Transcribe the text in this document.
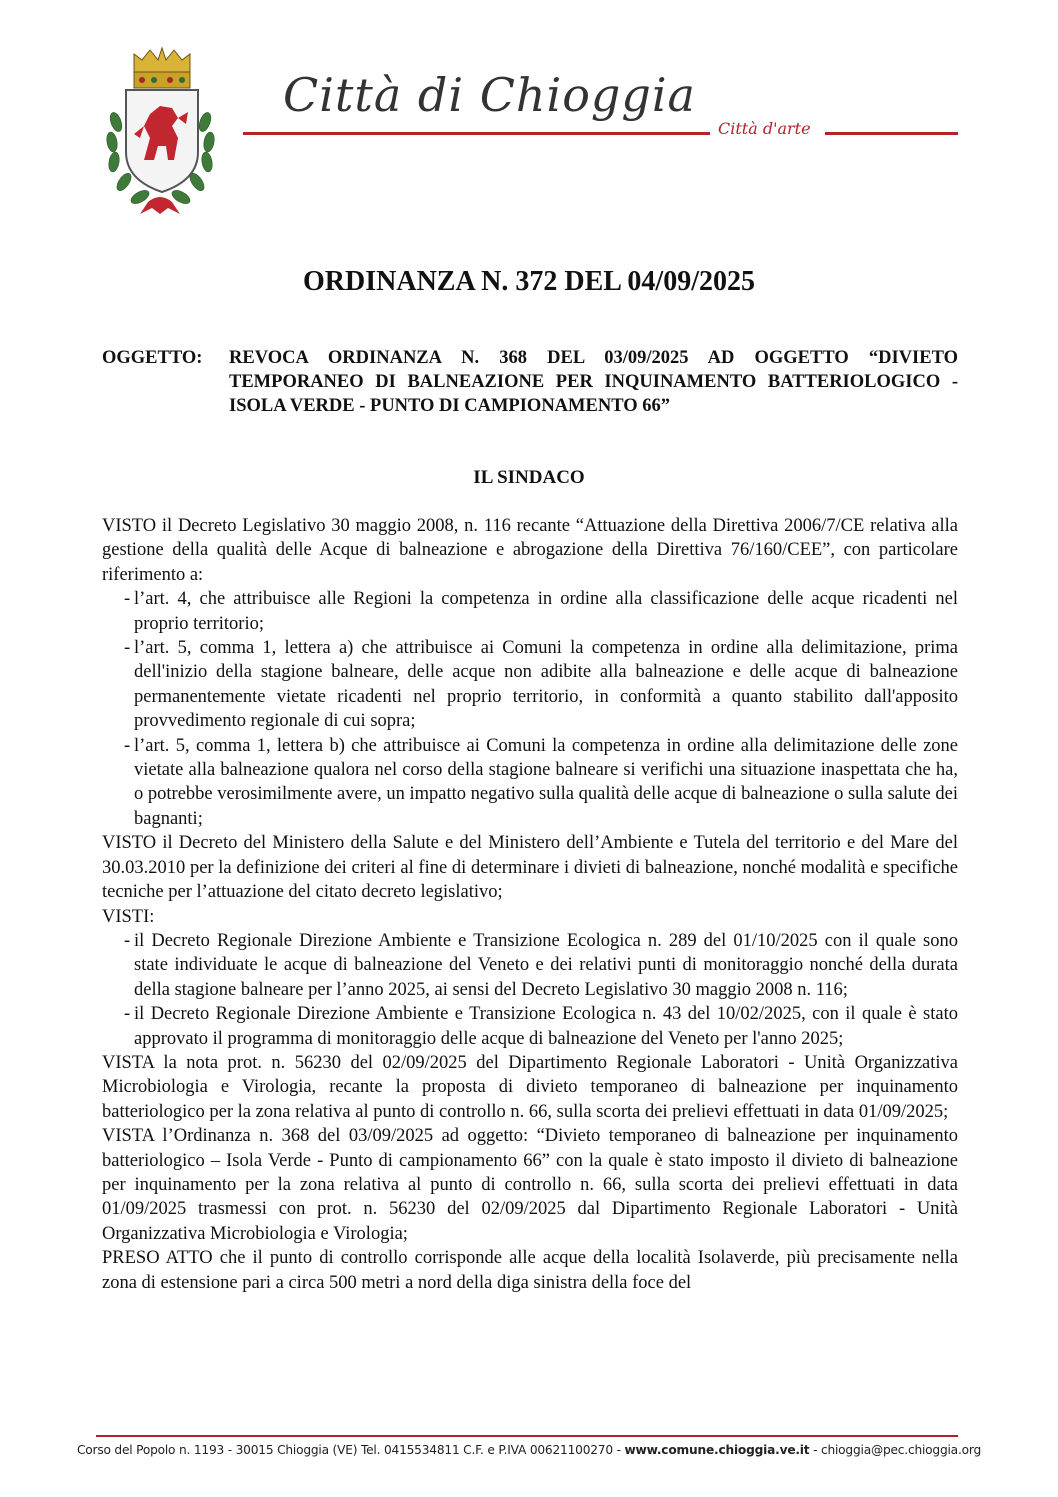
Città di Chioggia
Città d'arte
ORDINANZA N. 372 DEL 04/09/2025
OGGETTO: REVOCA ORDINANZA N. 368 DEL 03/09/2025 AD OGGETTO “DIVIETO TEMPORANEO DI BALNEAZIONE PER INQUINAMENTO BATTERIOLOGICO -ISOLA VERDE - PUNTO DI CAMPIONAMENTO 66”
IL SINDACO

VISTO il Decreto Legislativo 30 maggio 2008, n. 116 recante “Attuazione della Direttiva 2006/7/CE relativa alla gestione della qualità delle Acque di balneazione e abrogazione della Direttiva 76/160/CEE”, con particolare riferimento a:

- l’art. 4, che attribuisce alle Regioni la competenza in ordine alla classificazione delle acque ricadenti nel proprio territorio;
- l’art. 5, comma 1, lettera a) che attribuisce ai Comuni la competenza in ordine alla delimitazione, prima dell'inizio della stagione balneare, delle acque non adibite alla balneazione e delle acque di balneazione permanentemente vietate ricadenti nel proprio territorio, in conformità a quanto stabilito dall'apposito provvedimento regionale di cui sopra;
- l’art. 5, comma 1, lettera b) che attribuisce ai Comuni la competenza in ordine alla delimitazione delle zone vietate alla balneazione qualora nel corso della stagione balneare si verifichi una situazione inaspettata che ha, o potrebbe verosimilmente avere, un impatto negativo sulla qualità delle acque di balneazione o sulla salute dei bagnanti;

VISTO il Decreto del Ministero della Salute e del Ministero dell’Ambiente e Tutela del territorio e del Mare del 30.03.2010 per la definizione dei criteri al fine di determinare i divieti di balneazione, nonché modalità e specifiche tecniche per l’attuazione del citato decreto legislativo;

VISTI:

- il Decreto Regionale Direzione Ambiente e Transizione Ecologica n. 289 del 01/10/2025 con il quale sono state individuate le acque di balneazione del Veneto e dei relativi punti di monitoraggio nonché della durata della stagione balneare per l’anno 2025, ai sensi del Decreto Legislativo 30 maggio 2008 n. 116;
- il Decreto Regionale Direzione Ambiente e Transizione Ecologica n. 43 del 10/02/2025, con il quale è stato approvato il programma di monitoraggio delle acque di balneazione del Veneto per l'anno 2025;

VISTA la nota prot. n. 56230 del 02/09/2025 del Dipartimento Regionale Laboratori - Unità Organizzativa Microbiologia e Virologia, recante la proposta di divieto temporaneo di balneazione per inquinamento batteriologico per la zona relativa al punto di controllo n. 66, sulla scorta dei prelievi effettuati in data 01/09/2025;

VISTA l’Ordinanza n. 368 del 03/09/2025 ad oggetto: “Divieto temporaneo di balneazione per inquinamento batteriologico – Isola Verde - Punto di campionamento 66” con la quale è stato imposto il divieto di balneazione per inquinamento per la zona relativa al punto di controllo n. 66, sulla scorta dei prelievi effettuati in data 01/09/2025 trasmessi con prot. n. 56230 del 02/09/2025 dal Dipartimento Regionale Laboratori - Unità Organizzativa Microbiologia e Virologia;

PRESO ATTO che il punto di controllo corrisponde alle acque della località Isolaverde, più precisamente nella zona di estensione pari a circa 500 metri a nord della diga sinistra della foce del

Corso del Popolo n. 1193 - 30015 Chioggia (VE) Tel. 0415534811 C.F. e P.IVA 00621100270 - www.comune.chioggia.ve.it - chioggia@pec.chioggia.org
